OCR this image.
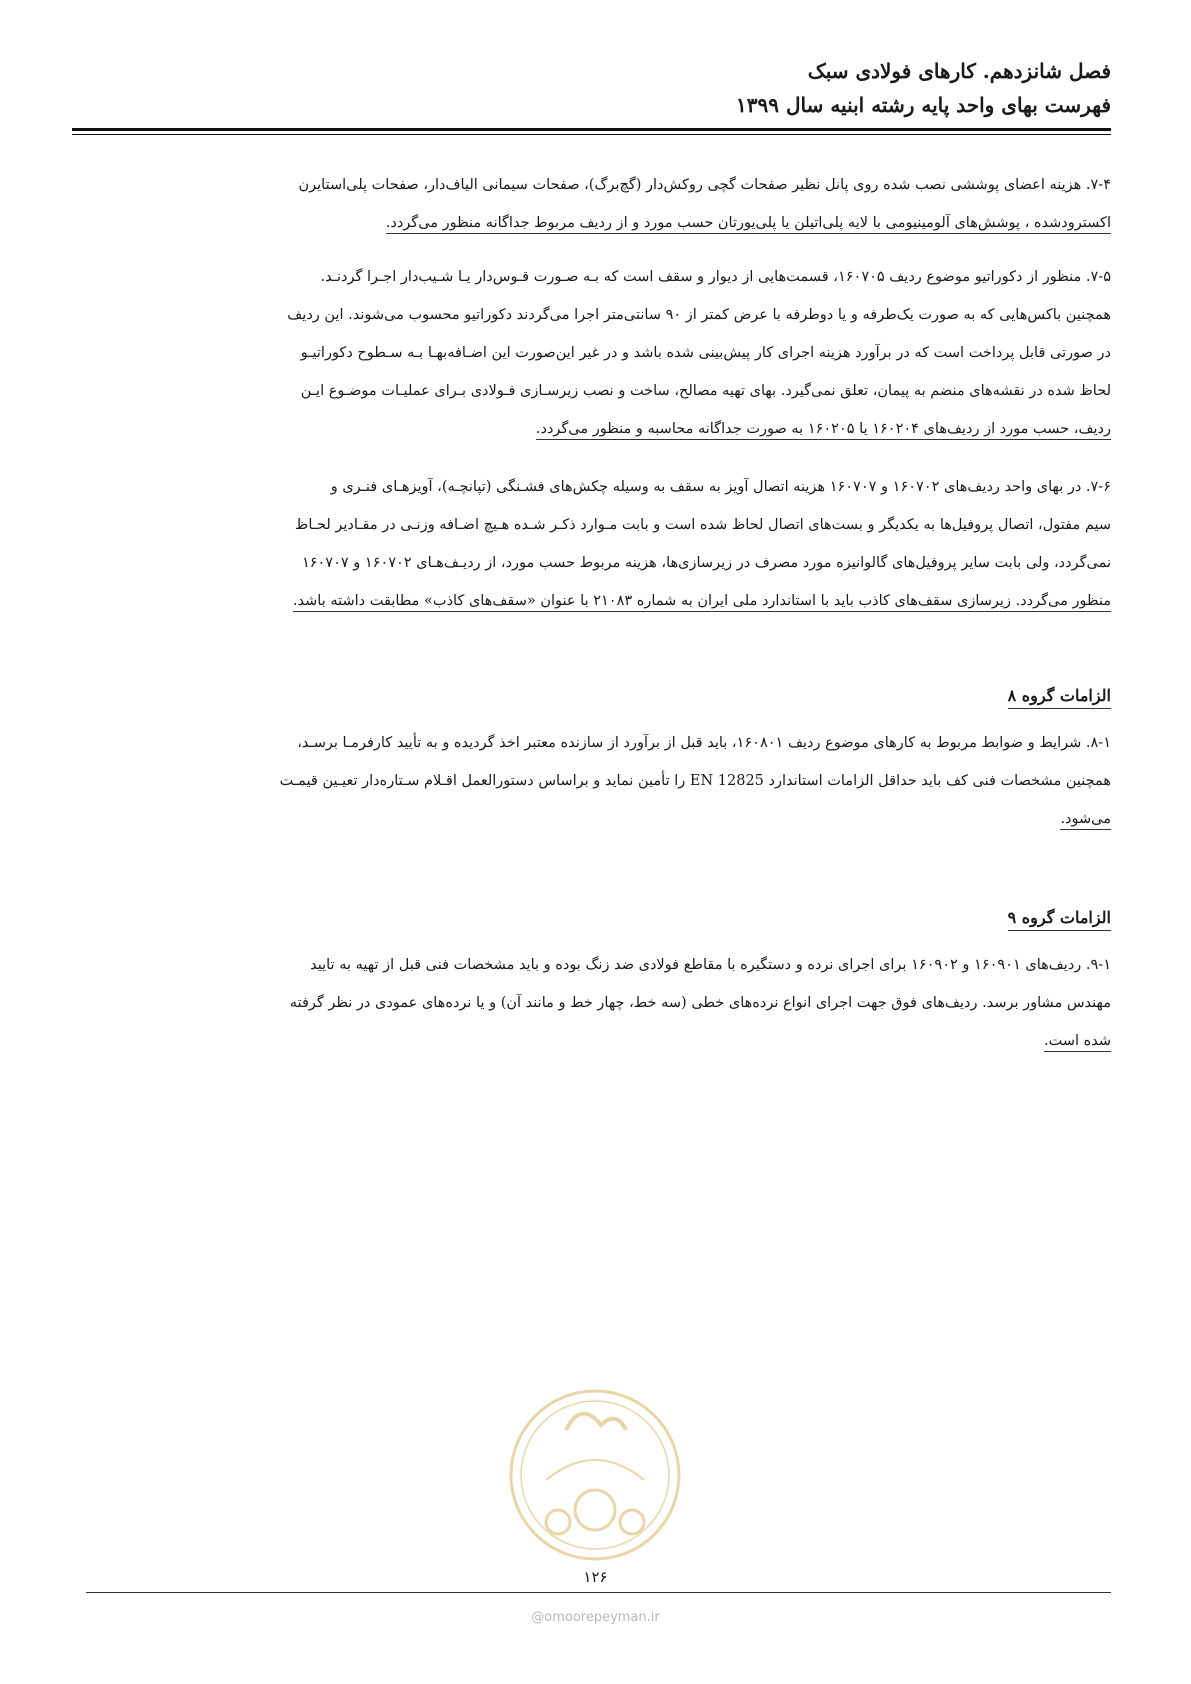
فصل شانزدهم. کارهای فولادی سبک
فهرست بهای واحد پایه رشته ابنیه سال ۱۳۹۹
۷-۴. هزینه اعضای پوششی نصب شده روی پانل نظیر صفحات گچی روکش‌دار (گچ‌برگ)، صفحات سیمانی الیاف‌دار، صفحات پلی‌استایرن
اکسترودشده ، پوشش‌های آلومینیومی با لایه پلی‌اتیلن یا پلی‌یورتان حسب مورد و از ردیف مربوط جداگانه منظور می‌گردد.
۷-۵. منظور از دکوراتیو موضوع ردیف ۱۶۰۷۰۵، قسمت‌هایی از دیوار و سقف است که بـه صـورت قـوس‌دار یـا شـیب‌دار اجـرا گردنـد.
همچنین باکس‌هایی که به صورت یک‌طرفه و یا دوطرفه با عرض کمتر از ۹۰ سانتی‌متر اجرا می‌گردند دکوراتیو محسوب می‌شوند. این ردیف
در صورتی قابل پرداخت است که در برآورد هزینه اجرای کار پیش‌بینی شده باشد و در غیر این‌صورت این اضـافه‌بهـا بـه سـطوح دکوراتیـو
لحاظ شده در نقشه‌های منضم به پیمان، تعلق نمی‌گیرد. بهای تهیه مصالح، ساخت و نصب زیرسـازی فـولادی بـرای عملیـات موضـوع ایـن
ردیف، حسب مورد از ردیف‌های ۱۶۰۲۰۴ یا ۱۶۰۲۰۵ به صورت جداگانه محاسبه و منظور می‌گردد.
۷-۶. در بهای واحد ردیف‌های ۱۶۰۷۰۲ و ۱۶۰۷۰۷ هزینه اتصال آویز به سقف به وسیله چکش‌های فشـنگی (تپانچـه)، آویزهـای فنـری و
سیم مفتول، اتصال پروفیل‌ها به یکدیگر و بست‌های اتصال لحاظ شده است و بابت مـوارد ذکـر شـده هـیچ اضـافه وزنـی در مقـادیر لحـاظ
نمی‌گردد، ولی بابت سایر پروفیل‌های گالوانیزه مورد مصرف در زیرسازی‌ها، هزینه مربوط حسب مورد، از ردیـف‌هـای ۱۶۰۷۰۲ و ۱۶۰۷۰۷
منظور می‌گردد. زیرسازی سقف‌های کاذب باید با استاندارد ملی ایران به شماره ۲۱۰۸۳ با عنوان «سقف‌های کاذب» مطابقت داشته باشد.
الزامات گروه ۸
۸-۱. شرایط و ضوابط مربوط به کارهای موضوع ردیف ۱۶۰۸۰۱، باید قبل از برآورد از سازنده معتبر اخذ گردیده و به تأیید کارفرمـا برسـد،
همچنین مشخصات فنی کف باید حداقل الزامات استاندارد EN 12825 را تأمین نماید و براساس دستورالعمل اقـلام سـتاره‌دار تعیـین قیمـت
می‌شود.
الزامات گروه ۹
۹-۱. ردیف‌های ۱۶۰۹۰۱ و ۱۶۰۹۰۲ برای اجرای نرده و دستگیره با مقاطع فولادی ضد زنگ بوده و باید مشخصات فنی قبل از تهیه به تایید
مهندس مشاور برسد. ردیف‌های فوق جهت اجرای انواع نرده‌های خطی (سه خط، چهار خط و مانند آن) و یا نرده‌های عمودی در نظر گرفته
شده است.
۱۲۶
@omoorepeyman.ir
